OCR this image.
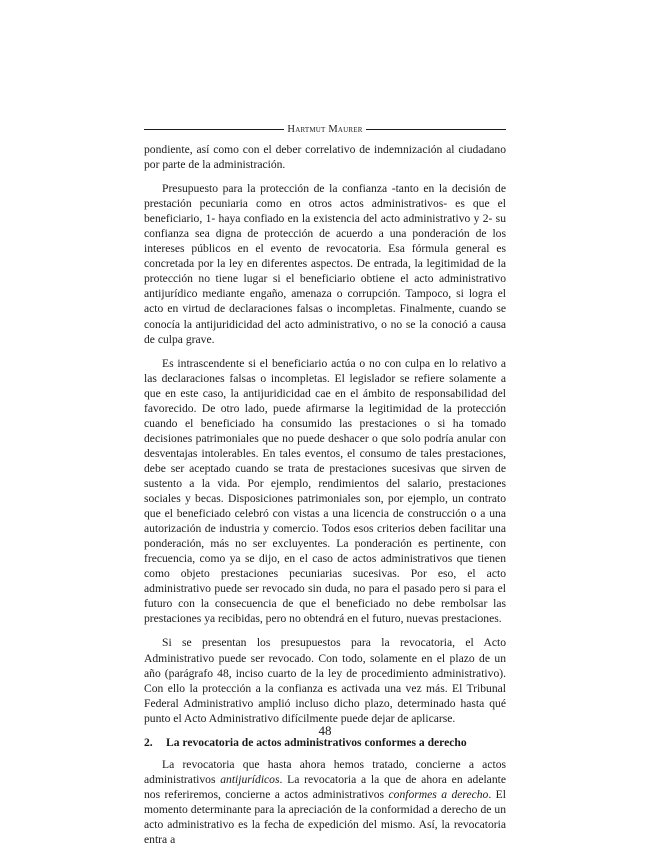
Hartmut Maurer

pondiente, así como con el deber correlativo de indemnización al ciudadano por parte de la administración.

Presupuesto para la protección de la confianza -tanto en la decisión de prestación pecuniaria como en otros actos administrativos- es que el beneficiario, 1- haya confiado en la existencia del acto administrativo y 2- su confianza sea digna de protección de acuerdo a una ponderación de los intereses públicos en el evento de revocatoria. Esa fórmula general es concretada por la ley en diferentes aspectos. De entrada, la legitimidad de la protección no tiene lugar si el beneficiario obtiene el acto administrativo antijurídico mediante engaño, amenaza o corrupción. Tampoco, si logra el acto en virtud de declaraciones falsas o incompletas. Finalmente, cuando se conocía la antijuridicidad del acto administrativo, o no se la conoció a causa de culpa grave.

Es intrascendente si el beneficiario actúa o no con culpa en lo relativo a las declaraciones falsas o incompletas. El legislador se refiere solamente a que en este caso, la antijuridicidad cae en el ámbito de responsabilidad del favorecido. De otro lado, puede afirmarse la legitimidad de la protección cuando el beneficiado ha consumido las prestaciones o si ha tomado decisiones patrimoniales que no puede deshacer o que solo podría anular con desventajas intolerables. En tales eventos, el consumo de tales prestaciones, debe ser aceptado cuando se trata de prestaciones sucesivas que sirven de sustento a la vida. Por ejemplo, rendimientos del salario, prestaciones sociales y becas. Disposiciones patrimoniales son, por ejemplo, un contrato que el beneficiado celebró con vistas a una licencia de construcción o a una autorización de industria y comercio. Todos esos criterios deben facilitar una ponderación, más no ser excluyentes. La ponderación es pertinente, con frecuencia, como ya se dijo, en el caso de actos administrativos que tienen como objeto prestaciones pecuniarias sucesivas. Por eso, el acto administrativo puede ser revocado sin duda, no para el pasado pero si para el futuro con la consecuencia de que el beneficiado no debe rembolsar las prestaciones ya recibidas, pero no obtendrá en el futuro, nuevas prestaciones.

Si se presentan los presupuestos para la revocatoria, el Acto Administrativo puede ser revocado. Con todo, solamente en el plazo de un año (parágrafo 48, inciso cuarto de la ley de procedimiento administrativo). Con ello la protección a la confianza es activada una vez más. El Tribunal Federal Administrativo amplió incluso dicho plazo, determinado hasta qué punto el Acto Administrativo difícilmente puede dejar de aplicarse.

2.	La revocatoria de actos administrativos conformes a derecho

La revocatoria que hasta ahora hemos tratado, concierne a actos administrativos antijurídicos. La revocatoria a la que de ahora en adelante nos referiremos, concierne a actos administrativos conformes a derecho. El momento determinante para la apreciación de la conformidad a derecho de un acto administrativo es la fecha de expedición del mismo. Así, la revocatoria entra a

48
